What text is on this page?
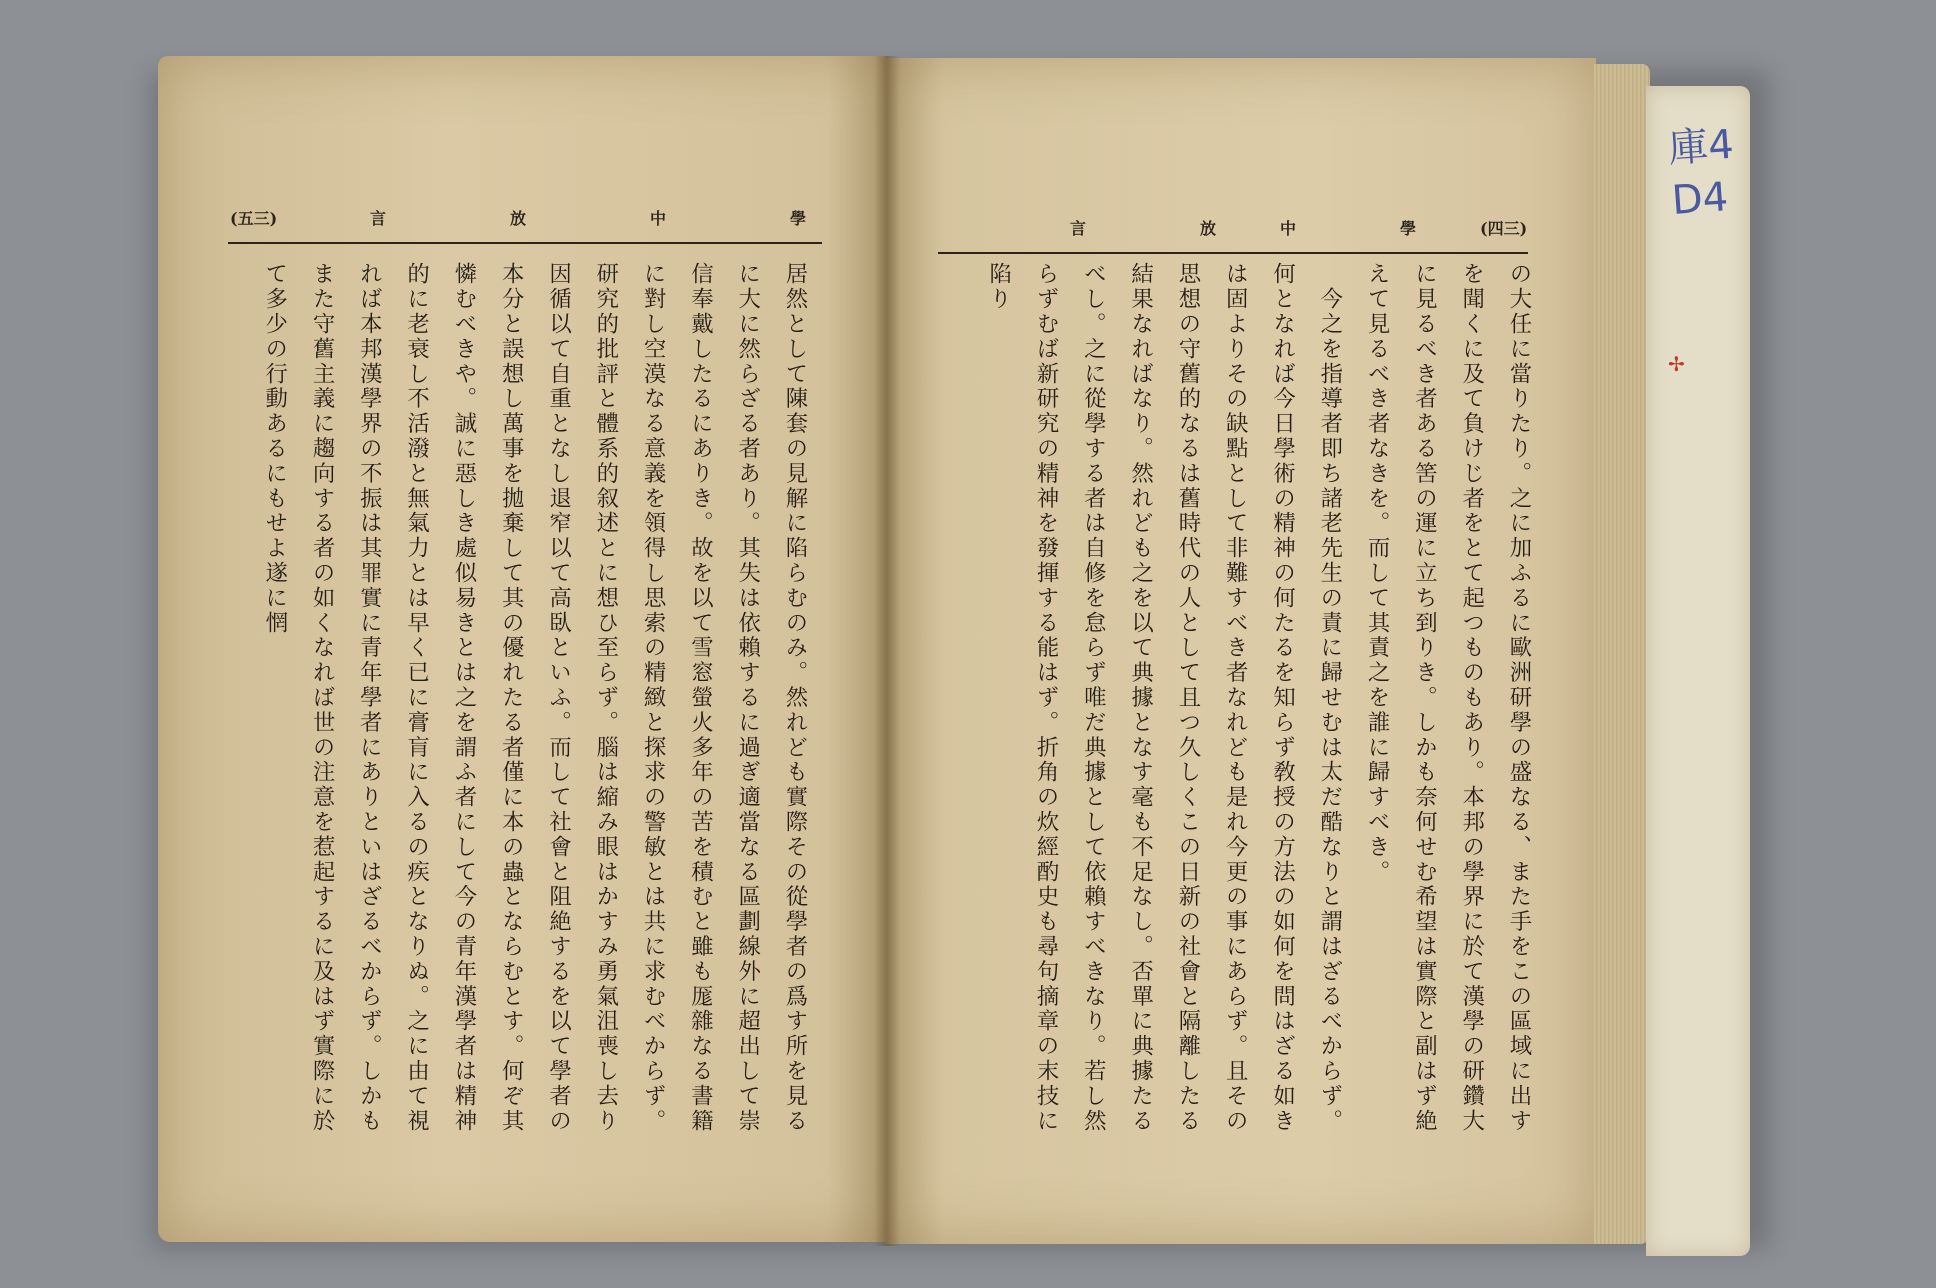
庫4
D4
✢
(五三)	言	放	中	學
言	放	中	學	(四三)
居然として陳套の見解に陷らむのみ。然れども實際その從學者の爲す所を見るに大に然らざる者あり。其失は依賴するに過ぎ適當なる區劃線外に超出して崇信奉戴したるにありき。故を以て雪窓螢火多年の苦を積むと雖も厖雜なる書籍に對し空漠なる意義を領得し思索の精緻と探求の警敏とは共に求むべからず。研究的批評と體系的叙述とに想ひ至らず。腦は縮み眼はかすみ勇氣沮喪し去り因循以て自重となし退窄以て高臥といふ。而して社會と阻絶するを以て學者の本分と誤想し萬事を拋棄して其の優れたる者僅に本の蟲とならむとす。何ぞ其憐むべきや。誠に惡しき處似易きとは之を謂ふ者にして今の青年漢學者は精神的に老衰し不活潑と無氣力とは早く已に膏肓に入るの疾となりぬ。之に由て視れば本邦漢學界の不振は其罪實に青年學者にありといはざるべからず。しかもまた守舊主義に趨向する者の如くなれば世の注意を惹起するに及はず實際に於て多少の行動あるにもせよ遂に惘	の大任に當りたり。之に加ふるに歐洲研學の盛なる、また手をこの區域に出すを聞くに及て負けじ者をとて起つものもあり。本邦の學界に於て漢學の研鑽大に見るべき者ある筈の運に立ち到りき。しかも奈何せむ希望は實際と副はず絶えて見るべき者なきを。而して其責之を誰に歸すべき。
　今之を指導者即ち諸老先生の責に歸せむは太だ酷なりと謂はざるべからず。何となれば今日學術の精神の何たるを知らず敎授の方法の如何を問はざる如きは固よりその缺點として非難すべき者なれども是れ今更の事にあらず。且その思想の守舊的なるは舊時代の人として且つ久しくこの日新の社會と隔離したる結果なればなり。然れども之を以て典據となす毫も不足なし。否單に典據たるべし。之に從學する者は自修を怠らず唯だ典據として依賴すべきなり。若し然らずむば新研究の精神を發揮する能はず。折角の炊經酌史も尋句摘章の末技に陷り
